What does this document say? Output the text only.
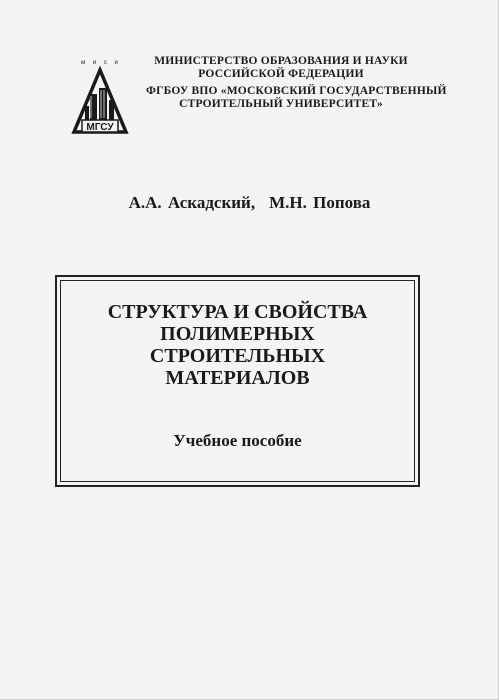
м и с и
МГСУ
МИНИСТЕРСТВО ОБРАЗОВАНИЯ И НАУКИ
РОССИЙСКОЙ ФЕДЕРАЦИИ
ФГБОУ ВПО «МОСКОВСКИЙ ГОСУДАРСТВЕННЫЙ
СТРОИТЕЛЬНЫЙ УНИВЕРСИТЕТ»
А.А. Аскадский, М.Н. Попова
СТРУКТУРА И СВОЙСТВА
ПОЛИМЕРНЫХ
СТРОИТЕЛЬНЫХ
МАТЕРИАЛОВ
Учебное пособие
